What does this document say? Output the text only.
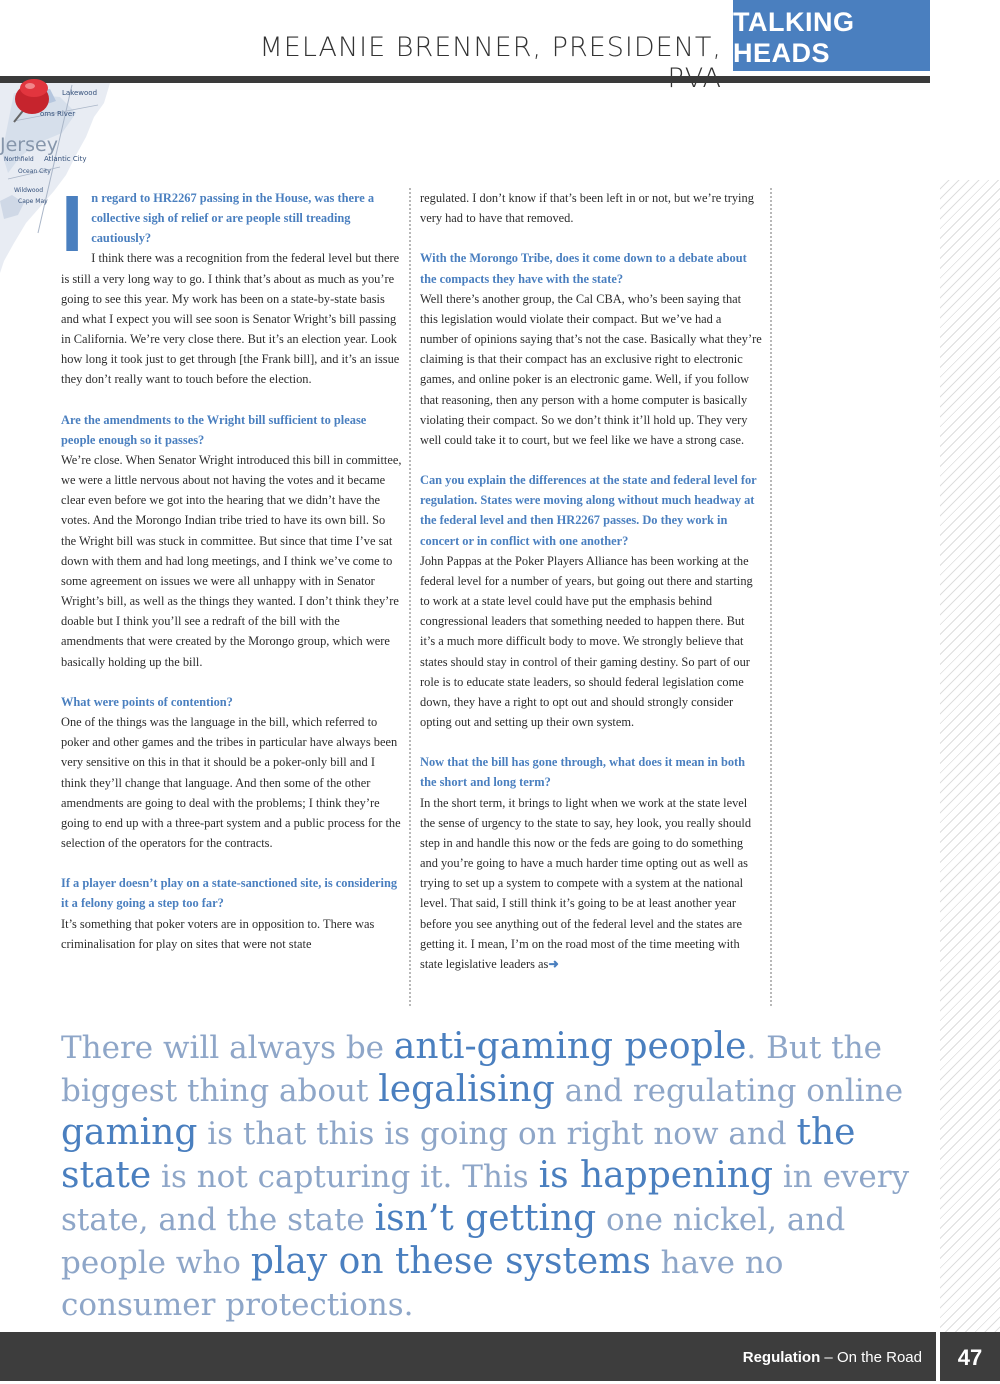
MELANIE BRENNER, PRESIDENT,
TALKING HEADS
Lakewood
oms River
Jersey
Northfield Atlantic City
Ocean City
Wildwood
Cape May I n regard to HR2267 passing in the House, was there a collective sigh of relief or are people still treading cautiously?
I think there was a recognition from the federal level but there is still a very long way to go. I think that’s about as much as you’re going to see this year. My work has been on a state-by-state basis and what I expect you will see soon is Senator Wright’s bill passing in California. We’re very close there. But it’s an election year. Look how long it took just to get through [the Frank bill], and it’s an issue they don’t really want to touch before the election.

Are the amendments to the Wright bill sufficient to please people enough so it passes?
We’re close. When Senator Wright introduced this bill in committee, we were a little nervous about not having the votes and it became clear even before we got into the hearing that we didn’t have the votes. And the Morongo Indian tribe tried to have its own bill. So the Wright bill was stuck in committee. But since that time I’ve sat down with them and had long meetings, and I think we’ve come to some agreement on issues we were all unhappy with in Senator Wright’s bill, as well as the things they wanted. I don’t think they’re doable but I think you’ll see a redraft of the bill with the amendments that were created by the Morongo group, which were basically holding up the bill.

What were points of contention?
One of the things was the language in the bill, which referred to poker and other games and the tribes in particular have always been very sensitive on this in that it should be a poker-only bill and I think they’ll change that language. And then some of the other amendments are going to deal with the problems; I think they’re going to end up with a three-part system and a public process for the selection of the operators for the contracts.

If a player doesn’t play on a state-sanctioned site, is considering it a felony going a step too far?
It’s something that poker voters are in opposition to. There was criminalisation for play on sites that were not state

regulated. I don’t know if that’s been left in or not, but we’re trying very had to have that removed.

With the Morongo Tribe, does it come down to a debate about the compacts they have with the state?
Well there’s another group, the Cal CBA, who’s been saying that this legislation would violate their compact. But we’ve had a number of opinions saying that’s not the case. Basically what they’re claiming is that their compact has an exclusive right to electronic games, and online poker is an electronic game. Well, if you follow that reasoning, then any person with a home computer is basically violating their compact. So we don’t think it’ll hold up. They very well could take it to court, but we feel like we have a strong case.

Can you explain the differences at the state and federal level for regulation. States were moving along without much headway at the federal level and then HR2267 passes. Do they work in concert or in conflict with one another?
John Pappas at the Poker Players Alliance has been working at the federal level for a number of years, but going out there and starting to work at a state level could have put the emphasis behind congressional leaders that something needed to happen there. But it’s a much more difficult body to move. We strongly believe that states should stay in control of their gaming destiny. So part of our role is to educate state leaders, so should federal legislation come down, they have a right to opt out and should strongly consider opting out and setting up their own system.

Now that the bill has gone through, what does it mean in both the short and long term?
In the short term, it brings to light when we work at the state level the sense of urgency to the state to say, hey look, you really should step in and handle this now or the feds are going to do something and you’re going to have a much harder time opting out as well as trying to set up a system to compete with a system at the national level. That said, I still think it’s going to be at least another year before you see anything out of the federal level and the states are getting it. I mean, I’m on the road most of the time meeting with state legislative leaders as➜

There will always be anti-gaming people. But the biggest thing about legalising and regulating online gaming is that this is going on right now and the state is not capturing it. This is happening in every state, and the state isn’t getting one nickel, and people who play on these systems have no consumer protections.
Regulation – On the Road	47
